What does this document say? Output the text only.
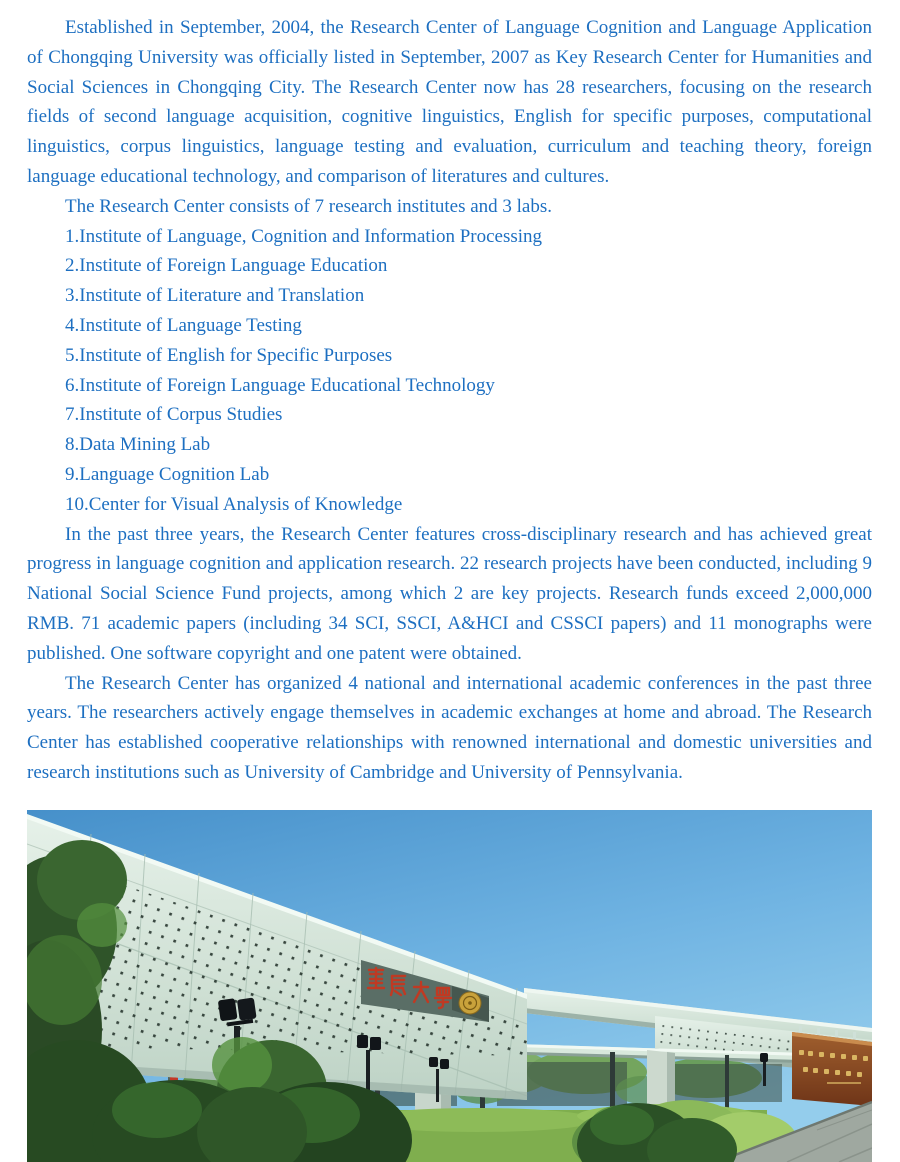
Established in September, 2004, the Research Center of Language Cognition and Language Application of Chongqing University was officially listed in September, 2007 as Key Research Center for Humanities and Social Sciences in Chongqing City. The Research Center now has 28 researchers, focusing on the research fields of second language acquisition, cognitive linguistics, English for specific purposes, computational linguistics, corpus linguistics, language testing and evaluation, curriculum and teaching theory, foreign language educational technology, and comparison of literatures and cultures.

The Research Center consists of 7 research institutes and 3 labs.
1.Institute of Language, Cognition and Information Processing
2.Institute of Foreign Language Education
3.Institute of Literature and Translation
4.Institute of Language Testing
5.Institute of English for Specific Purposes
6.Institute of Foreign Language Educational Technology
7.Institute of Corpus Studies
8.Data Mining Lab
9.Language Cognition Lab
10.Center for Visual Analysis of Knowledge

In the past three years, the Research Center features cross-disciplinary research and has achieved great progress in language cognition and application research. 22 research projects have been conducted, including 9 National Social Science Fund projects, among which 2 are key projects. Research funds exceed 2,000,000 RMB. 71 academic papers (including 34 SCI, SSCI, A&HCI and CSSCI papers) and 11 monographs were published. One software copyright and one patent were obtained.

The Research Center has organized 4 national and international academic conferences in the past three years. The researchers actively engage themselves in academic exchanges at home and abroad. The Research Center has established cooperative relationships with renowned international and domestic universities and research institutions such as University of Cambridge and University of Pennsylvania.
